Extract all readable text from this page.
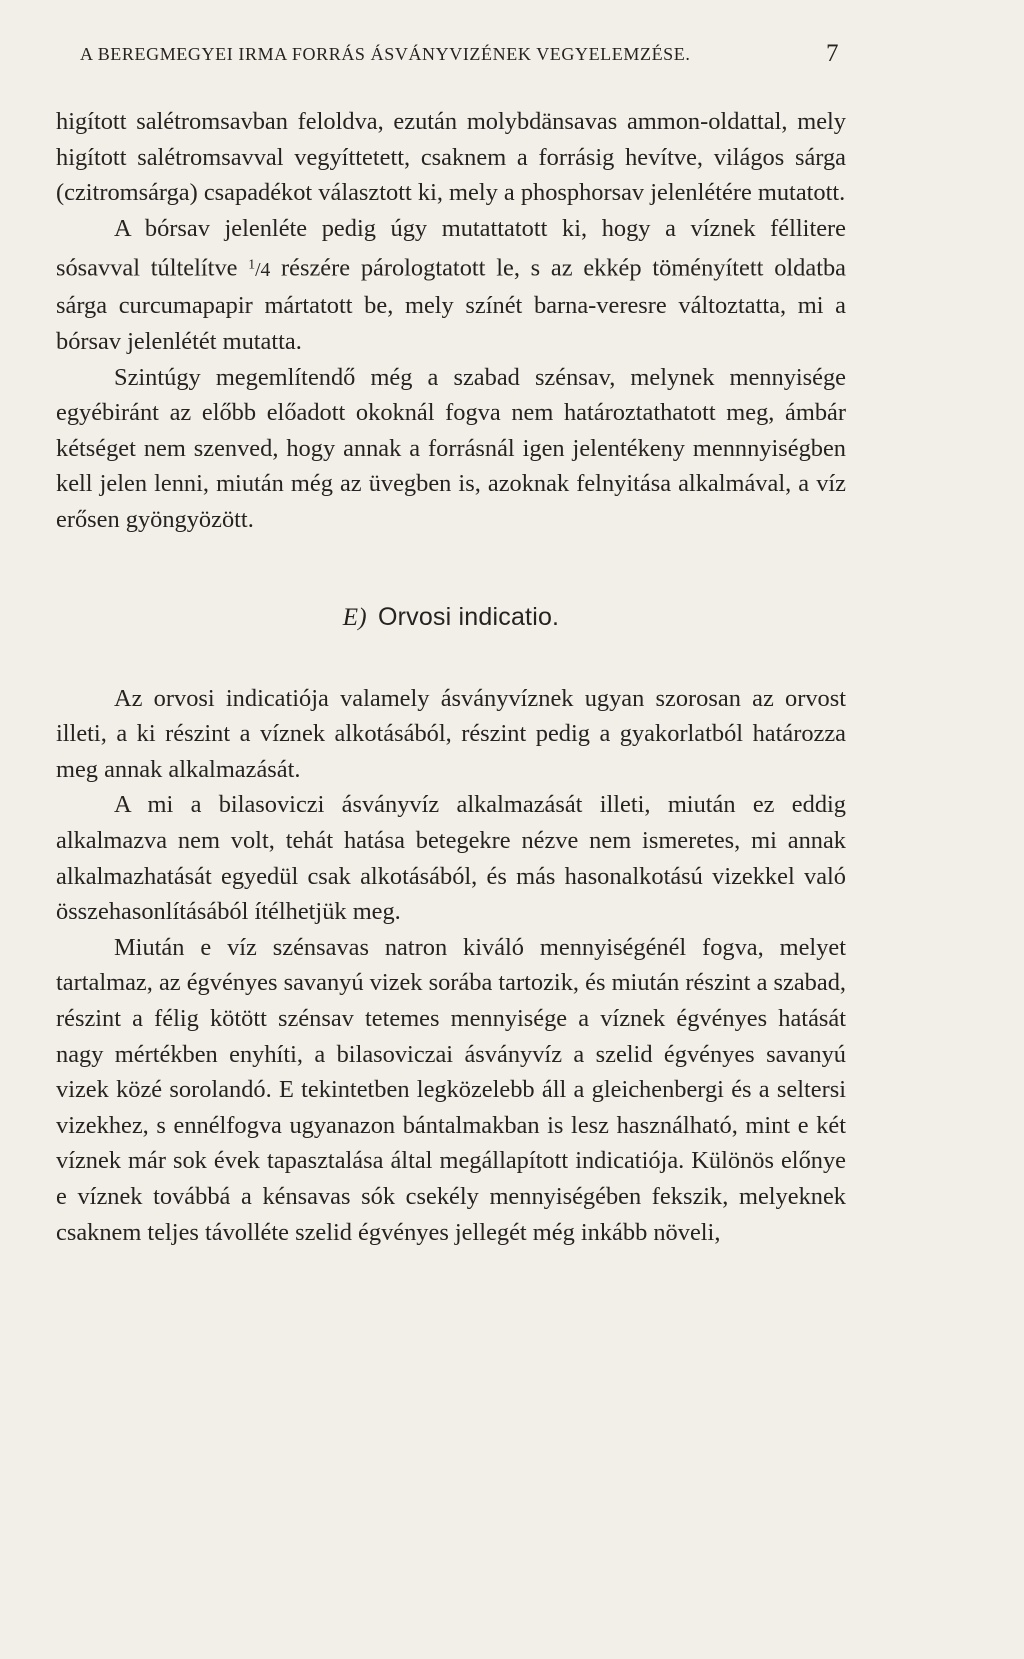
A BEREGMEGYEI IRMA FORRÁS ÁSVÁNYVIZÉNEK VEGYELEMZÉSE.	7

higított salétromsavban feloldva, ezután molybdänsavas ammon-oldattal, mely higított salétromsavval vegyíttetett, csaknem a forrásig hevítve, világos sárga (czitromsárga) csapadékot választott ki, mely a phosphorsav jelenlétére mutatott.

A bórsav jelenléte pedig úgy mutattatott ki, hogy a víznek féllitere sósavval túltelítve $^1$/4 részére párologtatott le, s az ekkép töményített oldatba sárga curcumapapir mártatott be, mely színét barna-veresre változtatta, mi a bórsav jelenlétét mutatta.

Szintúgy megemlítendő még a szabad szénsav, melynek mennyisége egyébiránt az előbb előadott okoknál fogva nem határoztathatott meg, ámbár kétséget nem szenved, hogy annak a forrásnál igen jelentékeny mennnyiségben kell jelen lenni, miután még az üvegben is, azoknak felnyitása alkalmával, a víz erősen gyöngyözött.

E) Orvosi indicatio.

Az orvosi indicatiója valamely ásványvíznek ugyan szorosan az orvost illeti, a ki részint a víznek alkotásából, részint pedig a gyakorlatból határozza meg annak alkalmazását.

A mi a bilasoviczi ásványvíz alkalmazását illeti, miután ez eddig alkalmazva nem volt, tehát hatása betegekre nézve nem ismeretes, mi annak alkalmazhatását egyedül csak alkotásából, és más hasonalkotású vizekkel való összehasonlításából ítélhetjük meg.

Miután e víz szénsavas natron kiváló mennyiségénél fogva, melyet tartalmaz, az égvényes savanyú vizek sorába tartozik, és miután részint a szabad, részint a félig kötött szénsav tetemes mennyisége a víznek égvényes hatását nagy mértékben enyhíti, a bilasoviczai ásványvíz a szelid égvényes savanyú vizek közé sorolandó. E tekintetben legközelebb áll a gleichenbergi és a seltersi vizekhez, s ennélfogva ugyanazon bántalmakban is lesz használható, mint e két víznek már sok évek tapasztalása által megállapított indicatiója. Különös előnye e víznek továbbá a kénsavas sók csekély mennyiségében fekszik, melyeknek csaknem teljes távolléte szelid égvényes jellegét még inkább növeli,
